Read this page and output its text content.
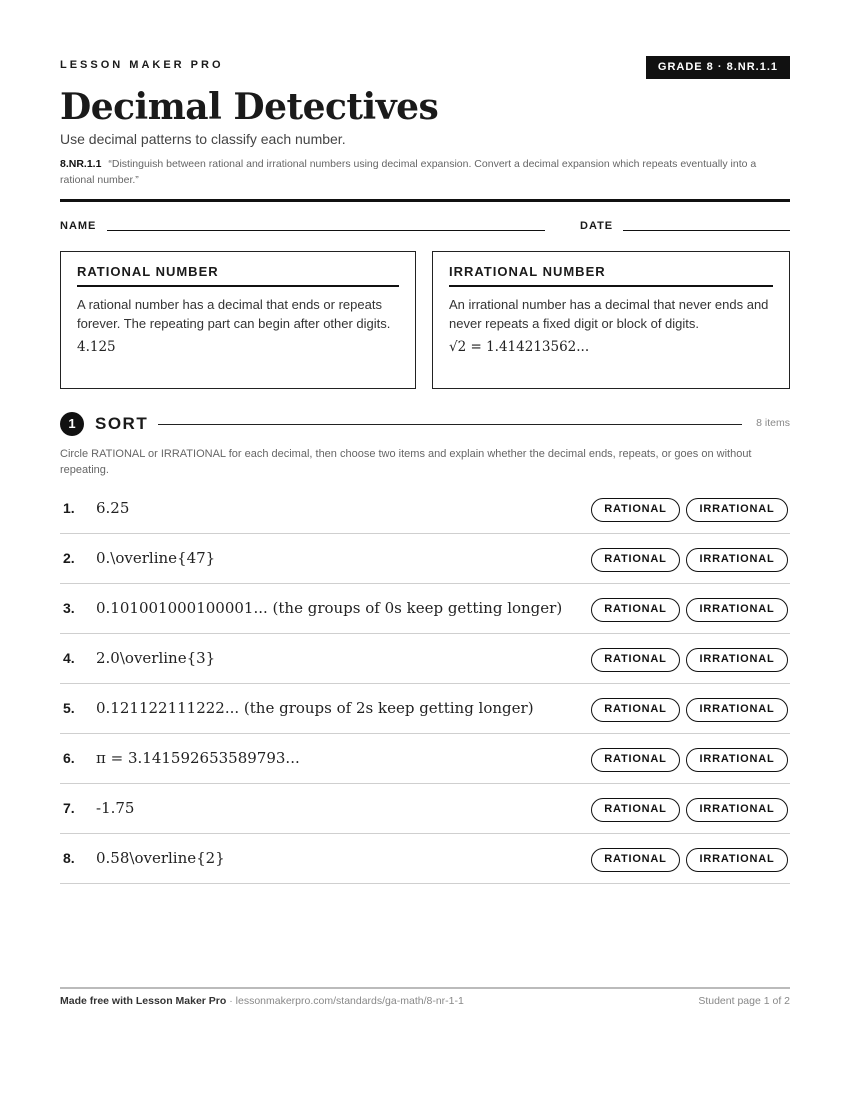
LESSON MAKER PRO	GRADE 8 · 8.NR.1.1
Decimal Detectives
Use decimal patterns to classify each number.
8.NR.1.1 “Distinguish between rational and irrational numbers using decimal expansion. Convert a decimal expansion which repeats eventually into a rational number.”
NAME	DATE
RATIONAL NUMBER

A rational number has a decimal that ends or repeats forever. The repeating part can begin after other digits.

4.125
IRRATIONAL NUMBER

An irrational number has a decimal that never ends and never repeats a fixed digit or block of digits.

√2 = 1.414213562...
1	SORT	8 items
Circle RATIONAL or IRRATIONAL for each decimal, then choose two items and explain whether the decimal ends, repeats, or goes on without repeating.
1. 6.25	RATIONAL	IRRATIONAL
2. 0.\overline{47}	RATIONAL	IRRATIONAL
3. 0.101001000100001... (the groups of 0s keep getting longer)	RATIONAL	IRRATIONAL
4. 2.0\overline{3}	RATIONAL	IRRATIONAL
5. 0.121122111222... (the groups of 2s keep getting longer)	RATIONAL	IRRATIONAL
6. π = 3.141592653589793...	RATIONAL	IRRATIONAL
7. -1.75	RATIONAL	IRRATIONAL
8. 0.58\overline{2}	RATIONAL	IRRATIONAL
Made free with Lesson Maker Pro · lessonmakerpro.com/standards/ga-math/8-nr-1-1	Student page 1 of 2
